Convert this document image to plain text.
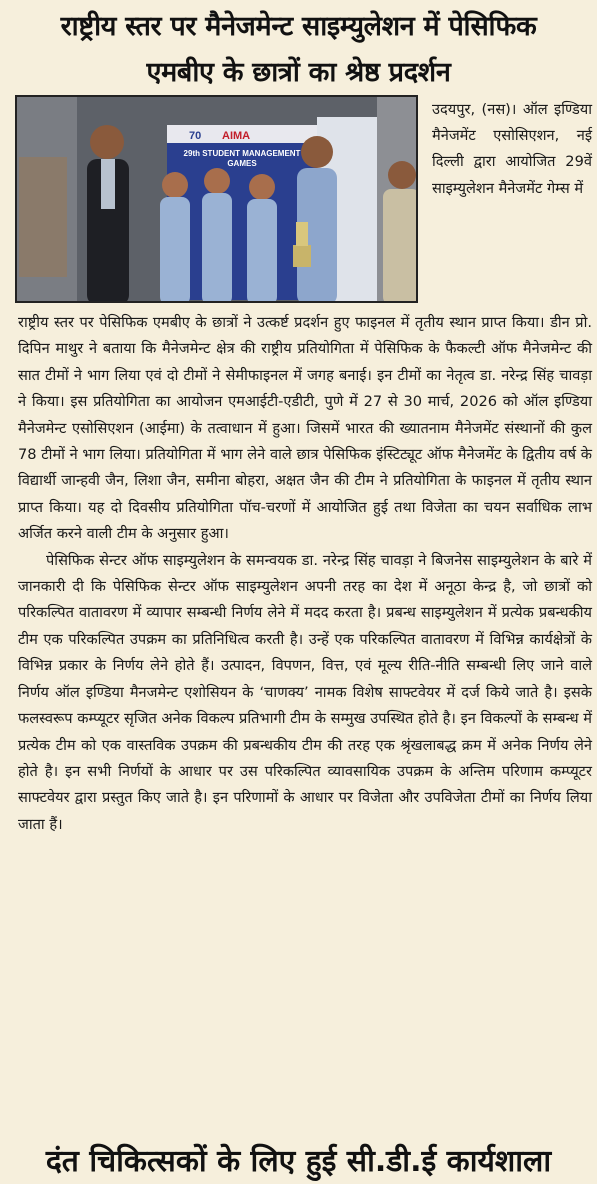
राष्ट्रीय स्तर पर मैनेजमेन्ट साइम्युलेशन में पेसिफिक
एमबीए के छात्रों का श्रेष्ठ प्रदर्शन
70 AIMA
29th STUDENT MANAGEMENT GAMES

उदयपुर, (नस)। ऑल इण्डिया मैनेजमेंट एसोसिएशन, नई दिल्ली द्वारा आयोजित 29वें साइम्युलेशन मैनेजमेंट गेम्स में

राष्ट्रीय स्तर पर पेसिफिक एमबीए के छात्रों ने उत्कर्ष्ट प्रदर्शन हुए फाइनल में तृतीय स्थान प्राप्त किया। डीन प्रो. दिपिन माथुर ने बताया कि मैनेजमेन्ट क्षेत्र की राष्ट्रीय प्रतियोगिता में पेसिफिक के फैकल्टी ऑफ मैनेजमेन्ट की सात टीमों ने भाग लिया एवं दो टीमों ने सेमीफाइनल में जगह बनाई। इन टीमों का नेतृत्व डा. नरेन्द्र सिंह चावड़ा ने किया। इस प्रतियोगिता का आयोजन एमआईटी-एडीटी, पुणे में 27 से 30 मार्च, 2026 को ऑल इण्डिया मैनेजमेन्ट एसोसिएशन (आईमा) के तत्वाधान में हुआ। जिसमें भारत की ख्यातनाम मैनेजमेंट संस्थानों की कुल 78 टीमों ने भाग लिया। प्रतियोगिता में भाग लेने वाले छात्र पेसिफिक इंस्टिट्यूट ऑफ मैनेजमेंट के द्वितीय वर्ष के विद्यार्थी जान्हवी जैन, लिशा जैन, समीना बोहरा, अक्षत जैन की टीम ने प्रतियोगिता के फाइनल में तृतीय स्थान प्राप्त किया। यह दो दिवसीय प्रतियोगिता पॉच-चरणों में आयोजित हुई तथा विजेता का चयन सर्वाधिक लाभ अर्जित करने वाली टीम के अनुसार हुआ।

पेसिफिक सेन्टर ऑफ साइम्युलेशन के समन्वयक डा. नरेन्द्र सिंह चावड़ा ने बिजनेस साइम्युलेशन के बारे में जानकारी दी कि पेसिफिक सेन्टर ऑफ साइम्युलेशन अपनी तरह का देश में अनूठा केन्द्र है, जो छात्रों को परिकल्पित वातावरण में व्यापार सम्बन्धी निर्णय लेने में मदद करता है। प्रबन्ध साइम्युलेशन में प्रत्येक प्रबन्धकीय टीम एक परिकल्पित उपक्रम का प्रतिनिधित्व करती है। उन्हें एक परिकल्पित वातावरण में विभिन्न कार्यक्षेत्रों के विभिन्न प्रकार के निर्णय लेने होते हैं। उत्पादन, विपणन, वित्त, एवं मूल्य रीति-नीति सम्बन्धी लिए जाने वाले निर्णय ऑल इण्डिया मैनजमेन्ट एशोसियन के ‘चाणक्य’ नामक विशेष साफ्टवेयर में दर्ज किये जाते है। इसके फलस्वरूप कम्प्यूटर सृजित अनेक विकल्प प्रतिभागी टीम के सम्मुख उपस्थित होते है। इन विकल्पों के सम्बन्ध में प्रत्येक टीम को एक वास्तविक उपक्रम की प्रबन्धकीय टीम की तरह एक श्रृंखलाबद्ध क्रम में अनेक निर्णय लेने होते है। इन सभी निर्णयों के आधार पर उस परिकल्पित व्यावसायिक उपक्रम के अन्तिम परिणाम कम्प्यूटर साफ्टवेयर द्वारा प्रस्तुत किए जाते है। इन परिणामों के आधार पर विजेता और उपविजेता टीमों का निर्णय लिया जाता हैं।

दंत चिकित्सकों के लिए हुई सी.डी.ई कार्यशाला
